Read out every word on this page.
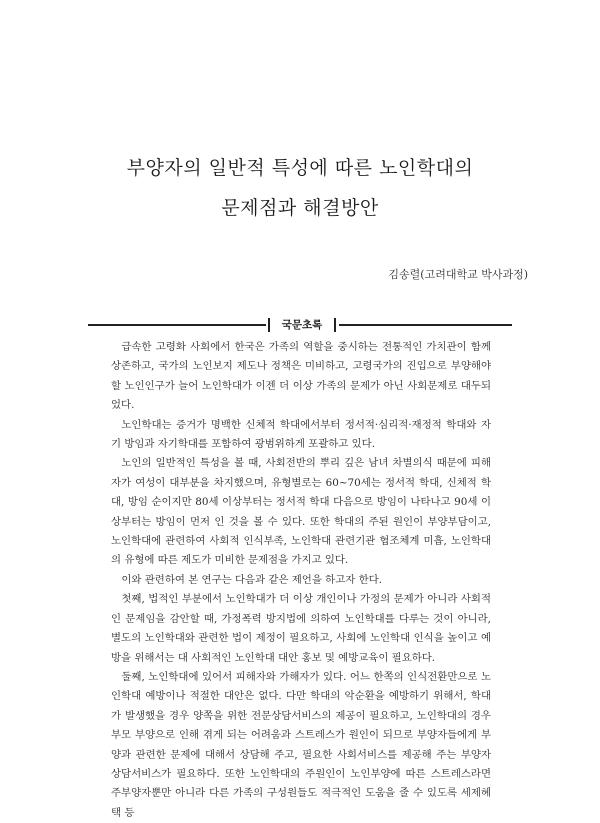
부양자의 일반적 특성에 따른 노인학대의
문제점과 해결방안
김송렬(고려대학교 박사과정)
국문초록

급속한 고령화 사회에서 한국은 가족의 역할을 중시하는 전통적인 가치관이 함께 상존하고, 국가의 노인보지 제도나 정책은 미비하고, 고령국가의 진입으로 부양해야 할 노인인구가 늘어 노인학대가 이젠 더 이상 가족의 문제가 아닌 사회문제로 대두되었다.

노인학대는 증거가 명백한 신체적 학대에서부터 정서적·심리적·재정적 학대와 자기 방임과 자기학대를 포함하여 광범위하게 포괄하고 있다.

노인의 일반적인 특성을 볼 때, 사회전반의 뿌리 깊은 남녀 차별의식 때문에 피해자가 여성이 대부분을 차지했으며, 유형별로는 60~70세는 정서적 학대, 신체적 학대, 방임 순이지만 80세 이상부터는 정서적 학대 다음으로 방임이 나타나고 90세 이상부터는 방임이 먼저 인 것을 볼 수 있다. 또한 학대의 주된 원인이 부양부담이고, 노인학대에 관련하여 사회적 인식부족, 노인학대 관련기관 협조체계 미흡, 노인학대의 유형에 따른 제도가 미비한 문제점을 가지고 있다.

이와 관련하여 본 연구는 다음과 같은 제언을 하고자 한다.

첫째, 법적인 부분에서 노인학대가 더 이상 개인이나 가정의 문제가 아니라 사회적인 문제임을 감안할 때, 가정폭력 방지법에 의하여 노인학대를 다루는 것이 아니라, 별도의 노인학대와 관련한 법이 제정이 필요하고, 사회에 노인학대 인식을 높이고 예방을 위해서는 대 사회적인 노인학대 대안 홍보 및 예방교육이 필요하다.

둘째, 노인학대에 있어서 피해자와 가해자가 있다. 어느 한쪽의 인식전환만으로 노인학대 예방이나 적절한 대안은 없다. 다만 학대의 악순환을 예방하기 위해서, 학대가 발생했을 경우 양쪽을 위한 전문상담서비스의 제공이 필요하고, 노인학대의 경우 부모 부양으로 인해 겪게 되는 어려움과 스트레스가 원인이 되므로 부양자들에게 부양과 관련한 문제에 대해서 상담해 주고, 필요한 사회서비스를 제공해 주는 부양자 상담서비스가 필요하다. 또한 노인학대의 주원인이 노인부양에 따른 스트레스라면 주부양자뿐만 아니라 다른 가족의 구성원들도 적극적인 도움을 줄 수 있도록 세제혜택 등
